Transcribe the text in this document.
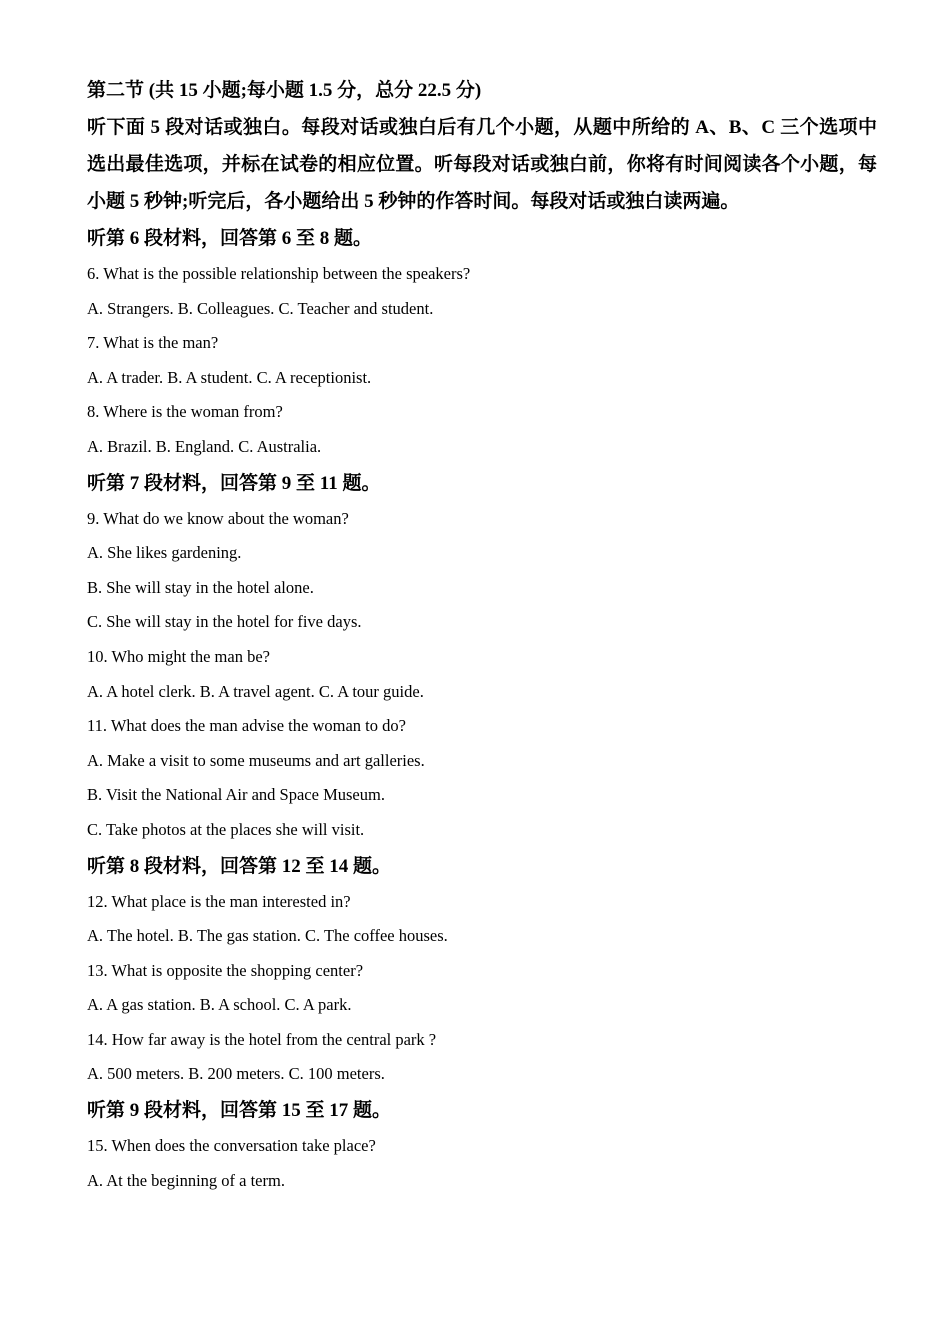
第二节 (共 15 小题;每小题 1.5 分，总分 22.5 分)

听下面 5 段对话或独白。每段对话或独白后有几个小题，从题中所给的 A、B、C 三个选项中选出最佳选项，并标在试卷的相应位置。听每段对话或独白前，你将有时间阅读各个小题，每小题 5 秒钟;听完后，各小题给出 5 秒钟的作答时间。每段对话或独白读两遍。

听第 6 段材料，回答第 6 至 8 题。

6. What is the possible relationship between the speakers?

A. Strangers. B. Colleagues. C. Teacher and student.

7. What is the man?

A. A trader. B. A student. C. A receptionist.

8. Where is the woman from?

A. Brazil. B. England. C. Australia.

听第 7 段材料，回答第 9 至 11 题。

9. What do we know about the woman?

A. She likes gardening.

B. She will stay in the hotel alone.

C. She will stay in the hotel for five days.

10. Who might the man be?

A. A hotel clerk. B. A travel agent. C. A tour guide.

11. What does the man advise the woman to do?

A. Make a visit to some museums and art galleries.

B. Visit the National Air and Space Museum.

C. Take photos at the places she will visit.

听第 8 段材料，回答第 12 至 14 题。

12. What place is the man interested in?

A. The hotel. B. The gas station. C. The coffee houses.

13. What is opposite the shopping center?

A. A gas station. B. A school. C. A park.

14. How far away is the hotel from the central park ?

A. 500 meters. B. 200 meters. C. 100 meters.

听第 9 段材料，回答第 15 至 17 题。

15. When does the conversation take place?

A. At the beginning of a term.
